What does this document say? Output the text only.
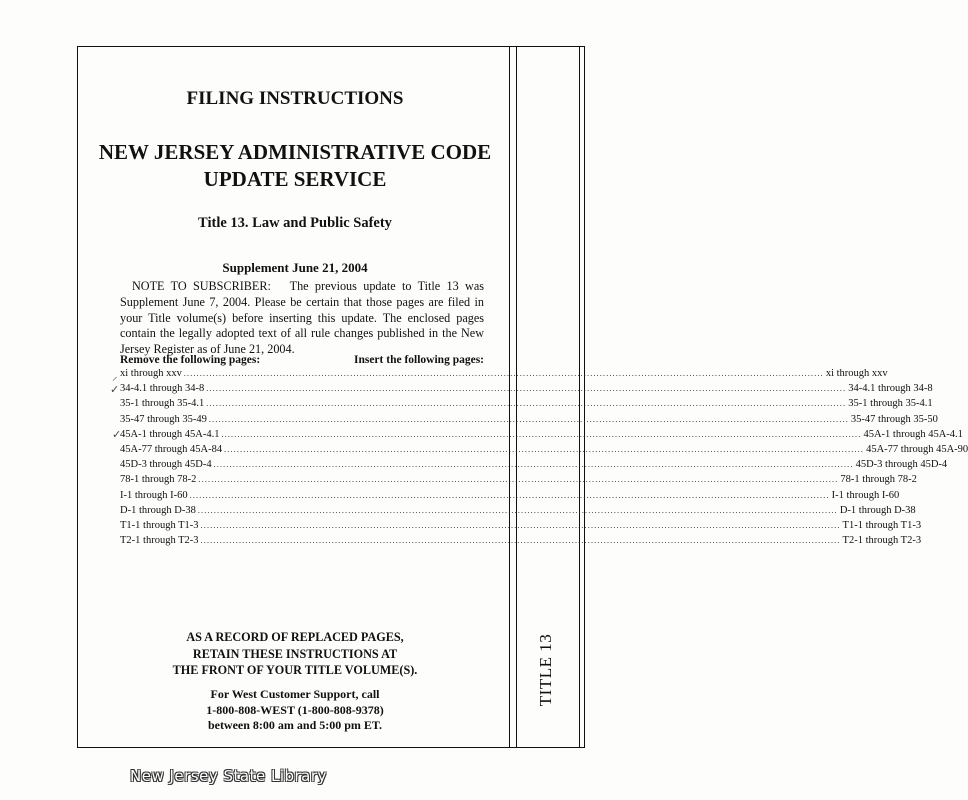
TITLE 13
FILING INSTRUCTIONS
NEW JERSEY ADMINISTRATIVE CODE
UPDATE SERVICE
Title 13. Law and Public Safety
Supplement June 21, 2004
NOTE TO SUBSCRIBER: The previous update to Title 13 was Supplement June 7, 2004. Please be certain that those pages are filed in your Title volume(s) before inserting this update. The enclosed pages contain the legally adopted text of all rule changes published in the New Jersey Register as of June 21, 2004.
Remove the following pages:	Insert the following pages:
xi through xxv ........................................................................................................................................................................................................ xi through xxv
34-4.1 through 34-8 ........................................................................................................................................................................................................ 34-4.1 through 34-8
35-1 through 35-4.1 ........................................................................................................................................................................................................ 35-1 through 35-4.1
35-47 through 35-49 ........................................................................................................................................................................................................ 35-47 through 35-50
45A-1 through 45A-4.1 ........................................................................................................................................................................................................ 45A-1 through 45A-4.1
45A-77 through 45A-84 ........................................................................................................................................................................................................ 45A-77 through 45A-90
45D-3 through 45D-4 ........................................................................................................................................................................................................ 45D-3 through 45D-4
78-1 through 78-2 ........................................................................................................................................................................................................ 78-1 through 78-2
I-1 through I-60 ........................................................................................................................................................................................................ I-1 through I-60
D-1 through D-38 ........................................................................................................................................................................................................ D-1 through D-38
T1-1 through T1-3 ........................................................................................................................................................................................................ T1-1 through T1-3
T2-1 through T2-3 ........................................................................................................................................................................................................ T2-1 through T2-3
AS A RECORD OF REPLACED PAGES,
RETAIN THESE INSTRUCTIONS AT
THE FRONT OF YOUR TITLE VOLUME(S).
For West Customer Support, call
1-800-808-WEST (1-800-808-9378)
between 8:00 am and 5:00 pm ET.
New Jersey State Library
⸝
✓
✓
